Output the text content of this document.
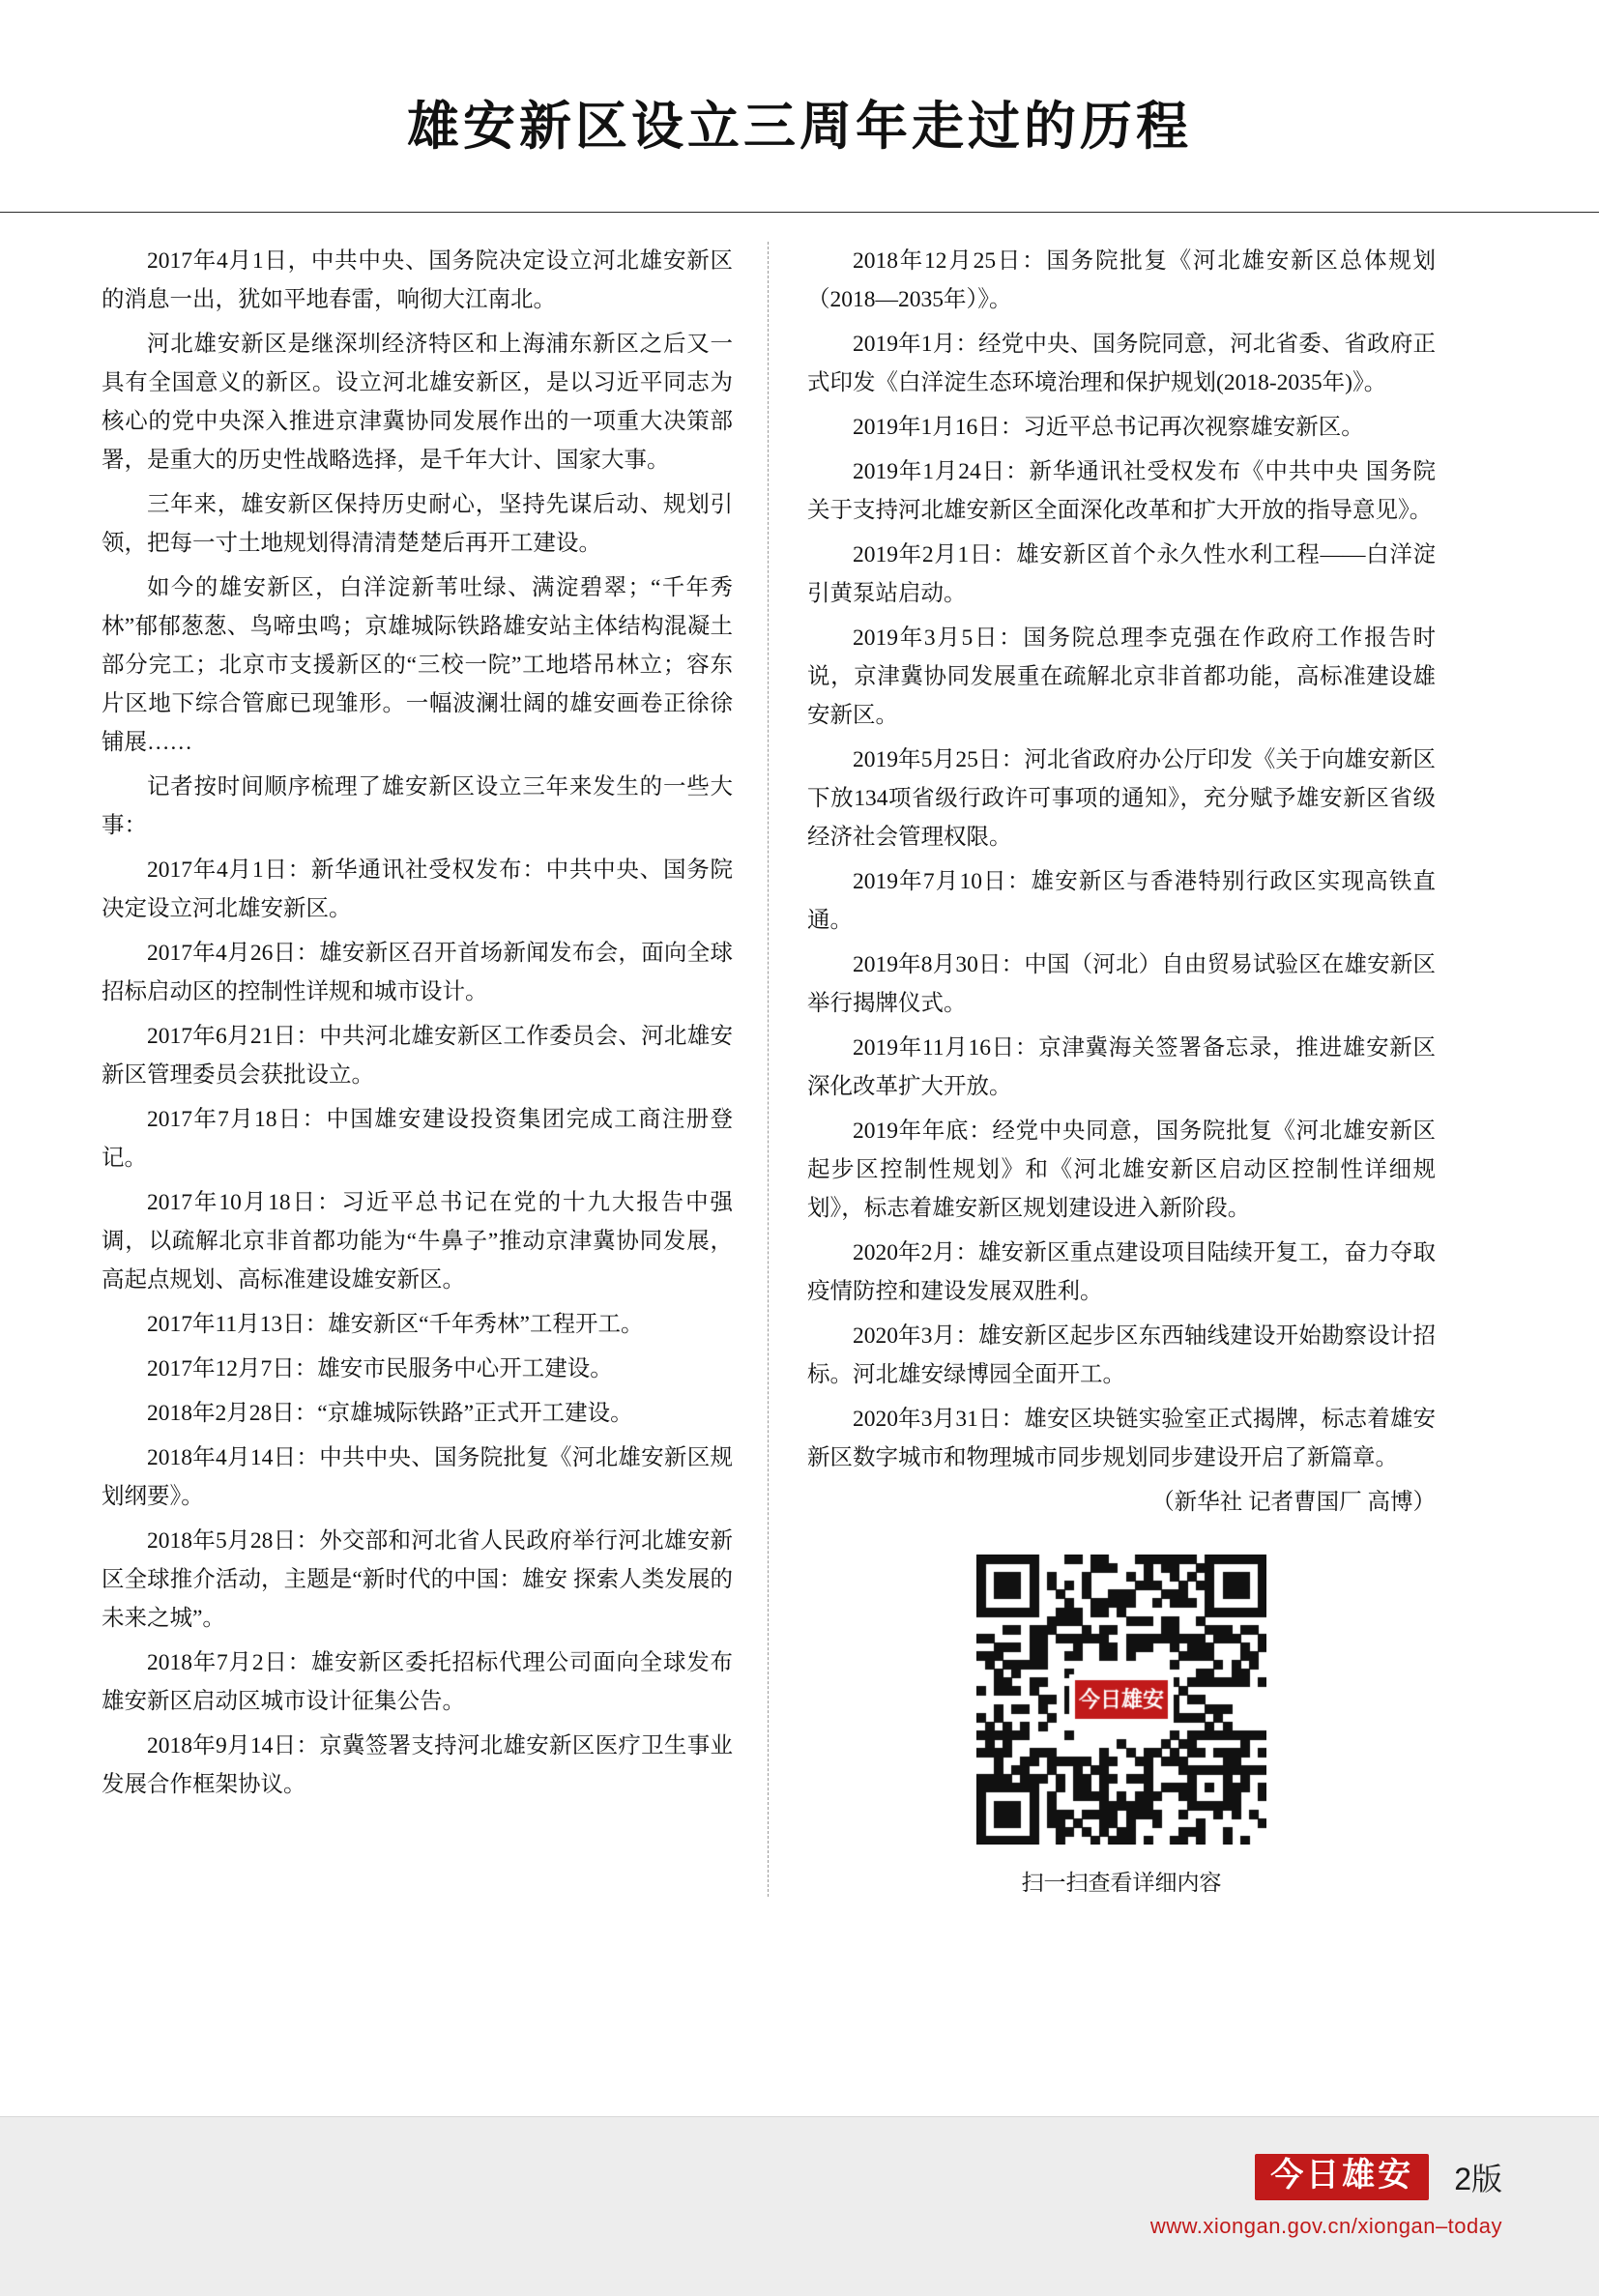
雄安新区设立三周年走过的历程

2017年4月1日，中共中央、国务院决定设立河北雄安新区的消息一出，犹如平地春雷，响彻大江南北。

河北雄安新区是继深圳经济特区和上海浦东新区之后又一具有全国意义的新区。设立河北雄安新区，是以习近平同志为核心的党中央深入推进京津冀协同发展作出的一项重大决策部署，是重大的历史性战略选择，是千年大计、国家大事。

三年来，雄安新区保持历史耐心，坚持先谋后动、规划引领，把每一寸土地规划得清清楚楚后再开工建设。

如今的雄安新区，白洋淀新苇吐绿、满淀碧翠；“千年秀林”郁郁葱葱、鸟啼虫鸣；京雄城际铁路雄安站主体结构混凝土部分完工；北京市支援新区的“三校一院”工地塔吊林立；容东片区地下综合管廊已现雏形。一幅波澜壮阔的雄安画卷正徐徐铺展……

记者按时间顺序梳理了雄安新区设立三年来发生的一些大事：

2017年4月1日：新华通讯社受权发布：中共中央、国务院决定设立河北雄安新区。

2017年4月26日：雄安新区召开首场新闻发布会，面向全球招标启动区的控制性详规和城市设计。

2017年6月21日：中共河北雄安新区工作委员会、河北雄安新区管理委员会获批设立。

2017年7月18日：中国雄安建设投资集团完成工商注册登记。

2017年10月18日：习近平总书记在党的十九大报告中强调，以疏解北京非首都功能为“牛鼻子”推动京津冀协同发展，高起点规划、高标准建设雄安新区。

2017年11月13日：雄安新区“千年秀林”工程开工。

2017年12月7日：雄安市民服务中心开工建设。

2018年2月28日：“京雄城际铁路”正式开工建设。

2018年4月14日：中共中央、国务院批复《河北雄安新区规划纲要》。

2018年5月28日：外交部和河北省人民政府举行河北雄安新区全球推介活动，主题是“新时代的中国：雄安 探索人类发展的未来之城”。

2018年7月2日：雄安新区委托招标代理公司面向全球发布雄安新区启动区城市设计征集公告。

2018年9月14日：京冀签署支持河北雄安新区医疗卫生事业发展合作框架协议。

2018年12月25日：国务院批复《河北雄安新区总体规划（2018—2035年）》。

2019年1月：经党中央、国务院同意，河北省委、省政府正式印发《白洋淀生态环境治理和保护规划(2018-2035年)》。

2019年1月16日：习近平总书记再次视察雄安新区。

2019年1月24日：新华通讯社受权发布《中共中央 国务院关于支持河北雄安新区全面深化改革和扩大开放的指导意见》。

2019年2月1日：雄安新区首个永久性水利工程——白洋淀引黄泵站启动。

2019年3月5日：国务院总理李克强在作政府工作报告时说，京津冀协同发展重在疏解北京非首都功能，高标准建设雄安新区。

2019年5月25日：河北省政府办公厅印发《关于向雄安新区下放134项省级行政许可事项的通知》，充分赋予雄安新区省级经济社会管理权限。

2019年7月10日：雄安新区与香港特别行政区实现高铁直通。

2019年8月30日：中国（河北）自由贸易试验区在雄安新区举行揭牌仪式。

2019年11月16日：京津冀海关签署备忘录，推进雄安新区深化改革扩大开放。

2019年年底：经党中央同意，国务院批复《河北雄安新区起步区控制性规划》和《河北雄安新区启动区控制性详细规划》，标志着雄安新区规划建设进入新阶段。

2020年2月：雄安新区重点建设项目陆续开复工，奋力夺取疫情防控和建设发展双胜利。

2020年3月：雄安新区起步区东西轴线建设开始勘察设计招标。河北雄安绿博园全面开工。

2020年3月31日：雄安区块链实验室正式揭牌，标志着雄安新区数字城市和物理城市同步规划同步建设开启了新篇章。

（新华社 记者曹国厂 高博）

扫一扫查看详细内容
今日雄安	2版
www.xiongan.gov.cn/xiongan–today
